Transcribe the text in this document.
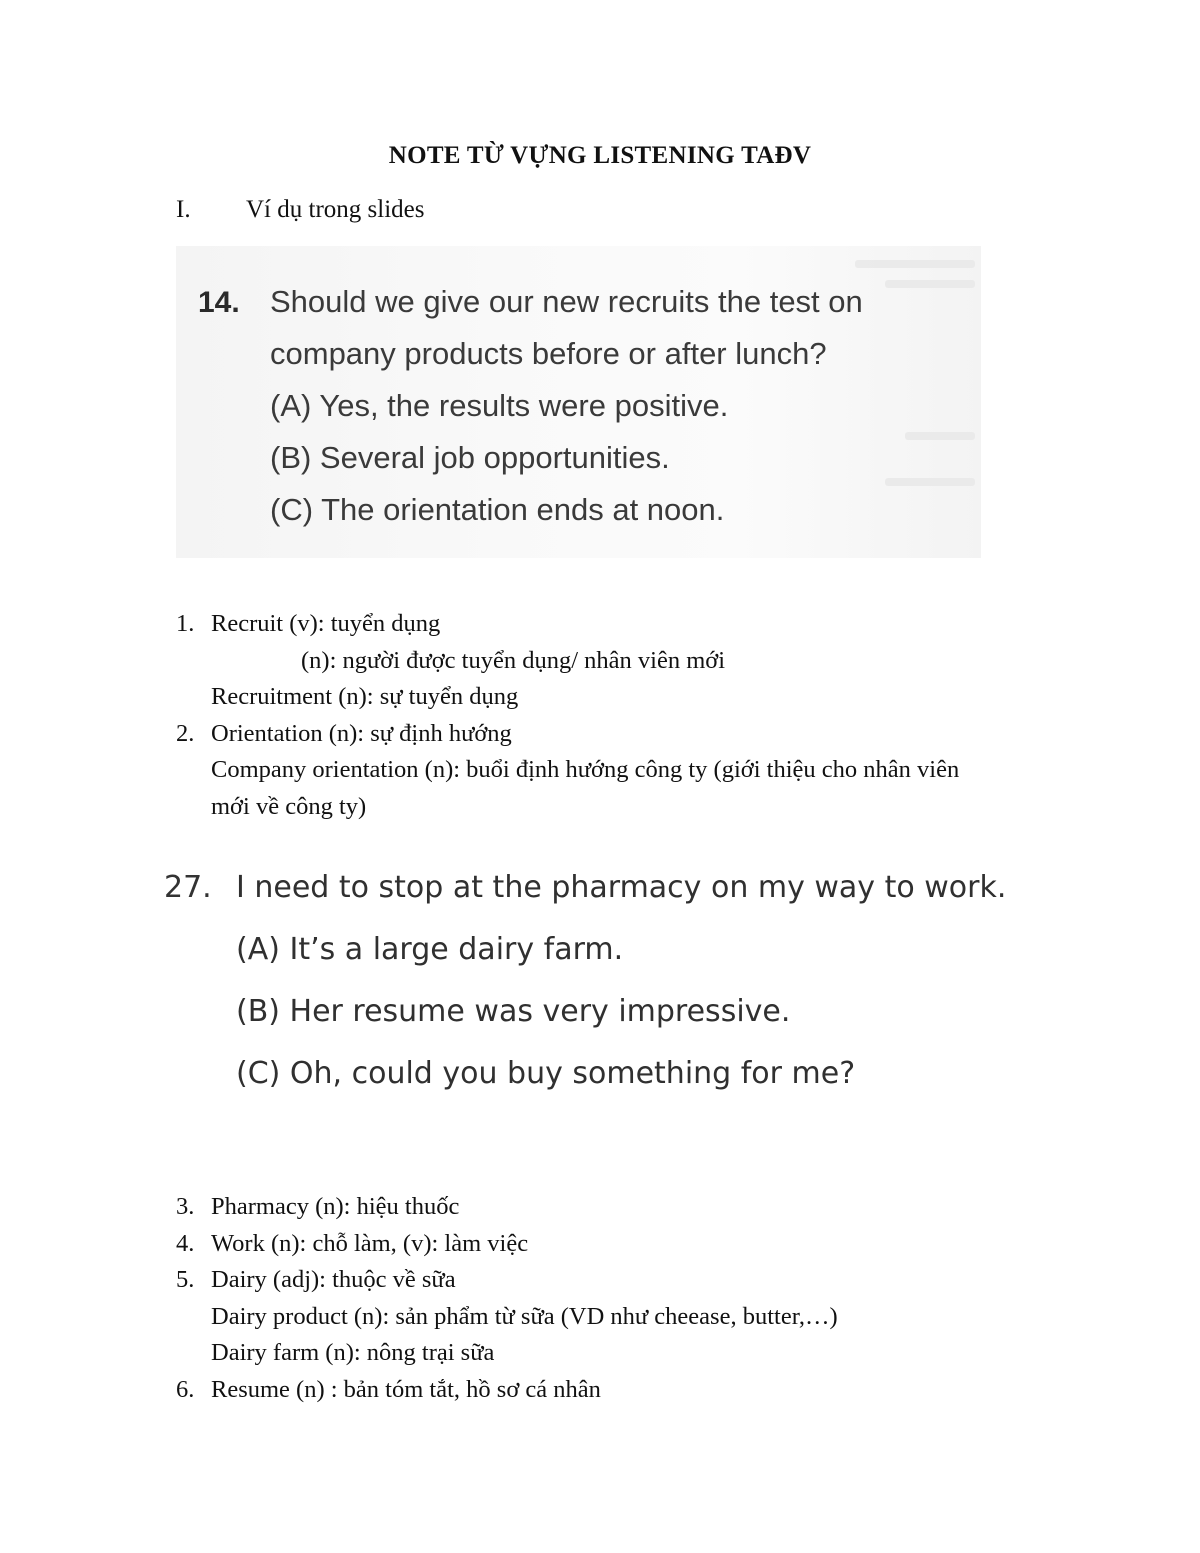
NOTE TỪ VỰNG LISTENING TAĐV
I. Ví dụ trong slides
14. Should we give our new recruits the test on
company products before or after lunch?
(A) Yes, the results were positive.
(B) Several job opportunities.
(C) The orientation ends at noon.
1. Recruit (v): tuyển dụng
(n): người được tuyển dụng/ nhân viên mới
Recruitment (n): sự tuyển dụng
2. Orientation (n): sự định hướng
Company orientation (n): buổi định hướng công ty (giới thiệu cho nhân viên
mới về công ty)
27. I need to stop at the pharmacy on my way to work.
(A) It’s a large dairy farm.
(B) Her resume was very impressive.
(C) Oh, could you buy something for me?
3. Pharmacy (n): hiệu thuốc
4. Work (n): chỗ làm, (v): làm việc
5. Dairy (adj): thuộc về sữa
Dairy product (n): sản phẩm từ sữa (VD như cheease, butter,…)
Dairy farm (n): nông trại sữa
6. Resume (n) : bản tóm tắt, hồ sơ cá nhân
